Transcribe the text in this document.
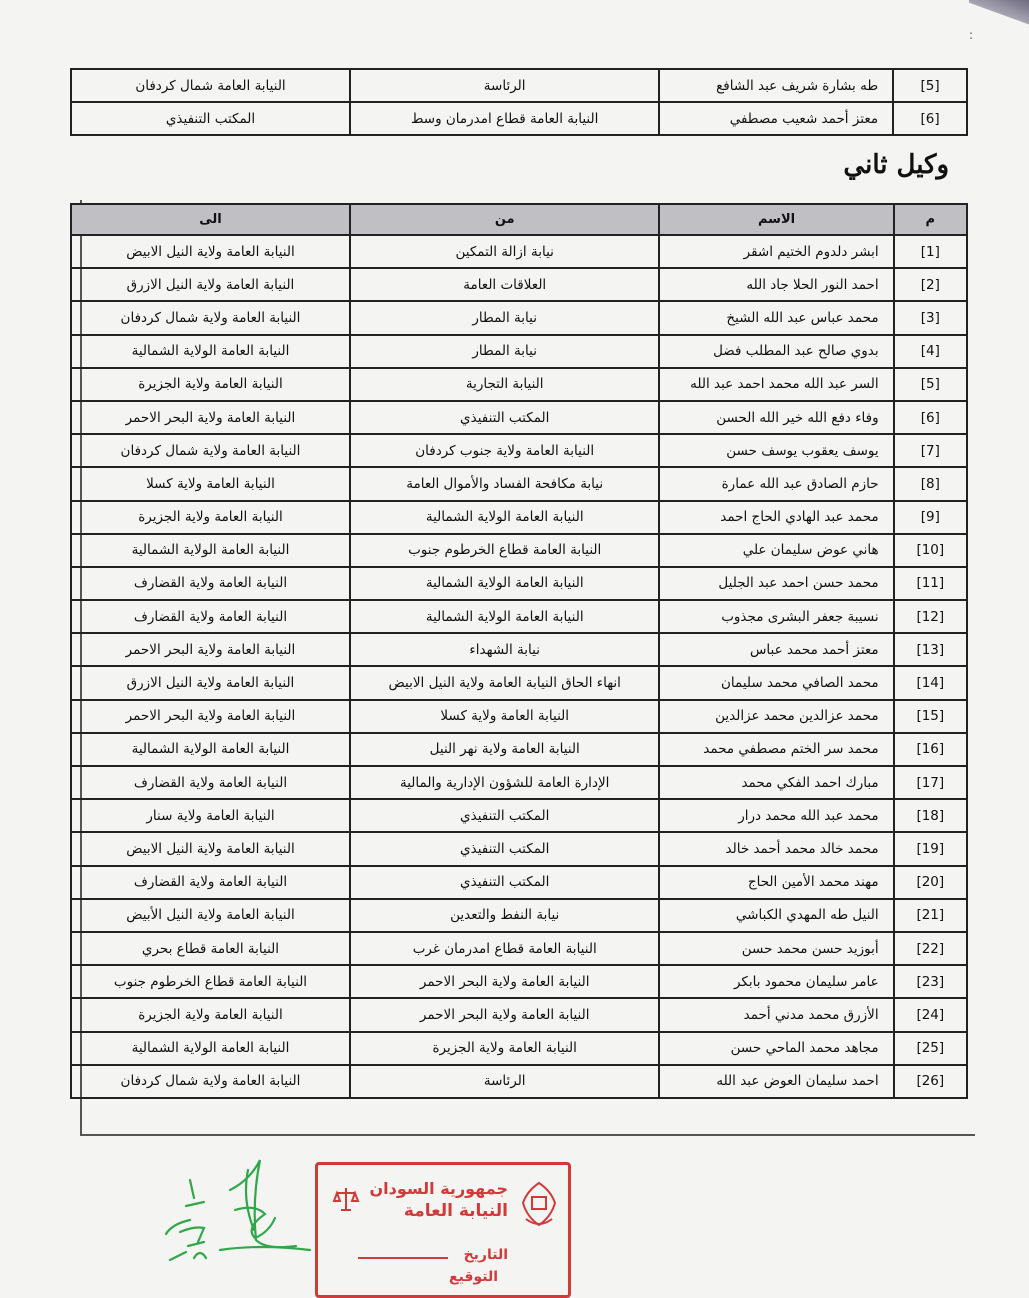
:
[5]	طه بشارة شريف عبد الشافع	الرئاسة	النيابة العامة شمال كردفان
[6]	معتز أحمد شعيب مصطفي	النيابة العامة قطاع امدرمان وسط	المكتب التنفيذي
وكيل ثاني
م	الاسم	من	الى
[1]	ابشر دلدوم الختيم اشقر	نيابة ازالة التمكين	النيابة العامة ولاية النيل الابيض
[2]	احمد النور الحلا جاد الله	العلاقات العامة	النيابة العامة ولاية النيل الازرق
[3]	محمد عباس عبد الله الشيخ	نيابة المطار	النيابة العامة ولاية شمال كردفان
[4]	بدوي صالح عبد المطلب فضل	نيابة المطار	النيابة العامة الولاية الشمالية
[5]	السر عبد الله محمد احمد عبد الله	النيابة التجارية	النيابة العامة ولاية الجزيرة
[6]	وفاء دفع الله خير الله الحسن	المكتب التنفيذي	النيابة العامة ولاية البحر الاحمر
[7]	يوسف يعقوب يوسف حسن	النيابة العامة ولاية جنوب كردفان	النيابة العامة ولاية شمال كردفان
[8]	حازم الصادق عبد الله عمارة	نيابة مكافحة الفساد والأموال العامة	النيابة العامة ولاية كسلا
[9]	محمد عبد الهادي الحاج احمد	النيابة العامة الولاية الشمالية	النيابة العامة ولاية الجزيرة
[10]	هاني عوض سليمان علي	النيابة العامة قطاع الخرطوم جنوب	النيابة العامة الولاية الشمالية
[11]	محمد حسن احمد عبد الجليل	النيابة العامة الولاية الشمالية	النيابة العامة ولاية القضارف
[12]	نسيبة جعفر البشرى مجذوب	النيابة العامة الولاية الشمالية	النيابة العامة ولاية القضارف
[13]	معتز أحمد محمد عباس	نيابة الشهداء	النيابة العامة ولاية البحر الاحمر
[14]	محمد الصافي محمد سليمان	انهاء الحاق النيابة العامة ولاية النيل الابيض	النيابة العامة ولاية النيل الازرق
[15]	محمد عزالدين محمد عزالدين	النيابة العامة ولاية كسلا	النيابة العامة ولاية البحر الاحمر
[16]	محمد سر الختم مصطفي محمد	النيابة العامة ولاية نهر النيل	النيابة العامة الولاية الشمالية
[17]	مبارك احمد الفكي محمد	الإدارة العامة للشؤون الإدارية والمالية	النيابة العامة ولاية القضارف
[18]	محمد عبد الله محمد درار	المكتب التنفيذي	النيابة العامة ولاية سنار
[19]	محمد خالد محمد أحمد خالد	المكتب التنفيذي	النيابة العامة ولاية النيل الابيض
[20]	مهند محمد الأمين الحاج	المكتب التنفيذي	النيابة العامة ولاية القضارف
[21]	النيل طه المهدي الكباشي	نيابة النفط والتعدين	النيابة العامة ولاية النيل الأبيض
[22]	أبوزيد حسن محمد حسن	النيابة العامة قطاع امدرمان غرب	النيابة العامة قطاع بحري
[23]	عامر سليمان محمود بابكر	النيابة العامة ولاية البحر الاحمر	النيابة العامة قطاع الخرطوم جنوب
[24]	الأزرق محمد مدني أحمد	النيابة العامة ولاية البحر الاحمر	النيابة العامة ولاية الجزيرة
[25]	مجاهد محمد الماحي حسن	النيابة العامة ولاية الجزيرة	النيابة العامة الولاية الشمالية
[26]	احمد سليمان العوض عبد الله	الرئاسة	النيابة العامة ولاية شمال كردفان
جمهورية السودان
النيابة العامة
التاريخ
التوقيع
